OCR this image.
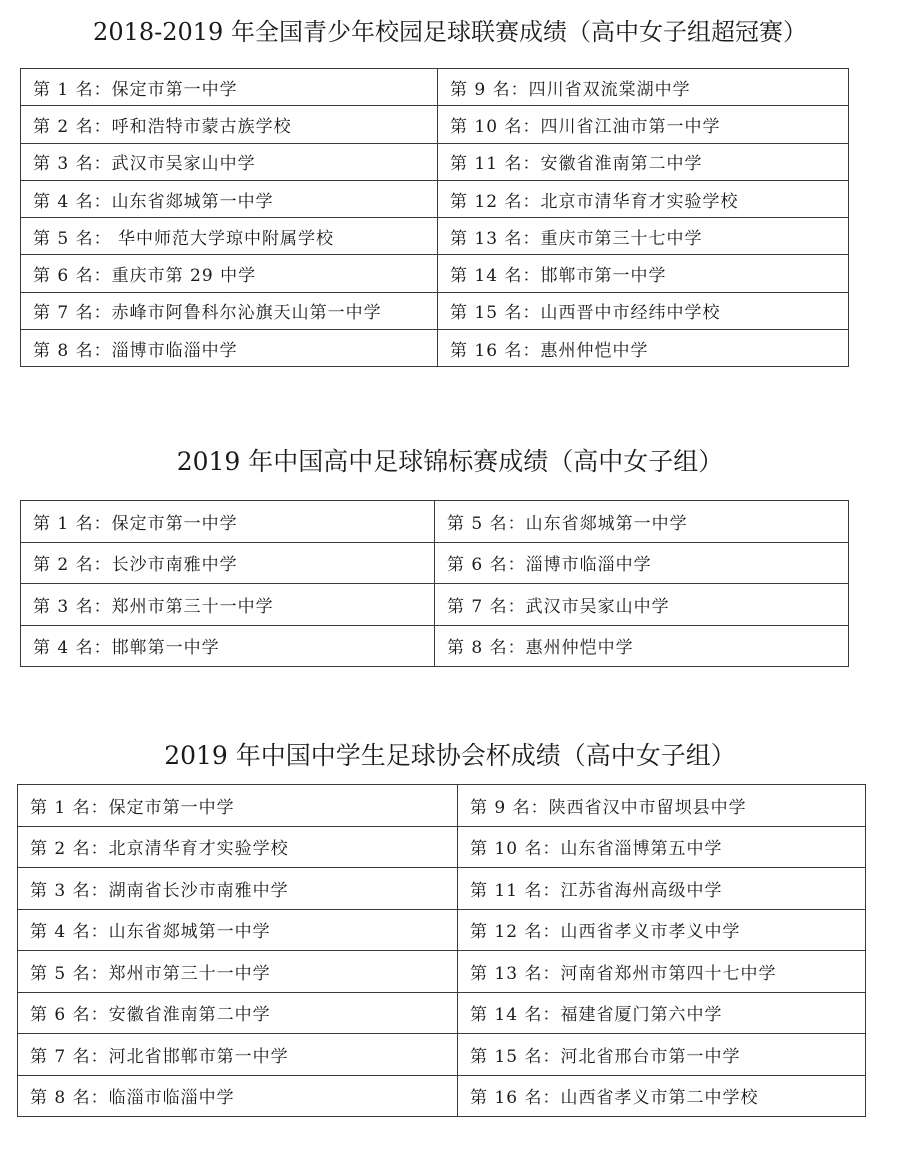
2018-2019 年全国青少年校园足球联赛成绩（高中女子组超冠赛）
第 1 名：保定市第一中学	第 9 名：四川省双流棠湖中学
第 2 名：呼和浩特市蒙古族学校	第 10 名：四川省江油市第一中学
第 3 名：武汉市吴家山中学	第 11 名：安徽省淮南第二中学
第 4 名：山东省郯城第一中学	第 12 名：北京市清华育才实验学校
第 5 名： 华中师范大学琼中附属学校	第 13 名：重庆市第三十七中学
第 6 名：重庆市第 29 中学	第 14 名：邯郸市第一中学
第 7 名：赤峰市阿鲁科尔沁旗天山第一中学	第 15 名：山西晋中市经纬中学校
第 8 名：淄博市临淄中学	第 16 名：惠州仲恺中学
2019 年中国高中足球锦标赛成绩（高中女子组）
第 1 名：保定市第一中学	第 5 名：山东省郯城第一中学
第 2 名：长沙市南雅中学	第 6 名：淄博市临淄中学
第 3 名：郑州市第三十一中学	第 7 名：武汉市吴家山中学
第 4 名：邯郸第一中学	第 8 名：惠州仲恺中学
2019 年中国中学生足球协会杯成绩（高中女子组）
第 1 名：保定市第一中学	第 9 名：陕西省汉中市留坝县中学
第 2 名：北京清华育才实验学校	第 10 名：山东省淄博第五中学
第 3 名：湖南省长沙市南雅中学	第 11 名：江苏省海州高级中学
第 4 名：山东省郯城第一中学	第 12 名：山西省孝义市孝义中学
第 5 名：郑州市第三十一中学	第 13 名：河南省郑州市第四十七中学
第 6 名：安徽省淮南第二中学	第 14 名：福建省厦门第六中学
第 7 名：河北省邯郸市第一中学	第 15 名：河北省邢台市第一中学
第 8 名：临淄市临淄中学	第 16 名：山西省孝义市第二中学校
